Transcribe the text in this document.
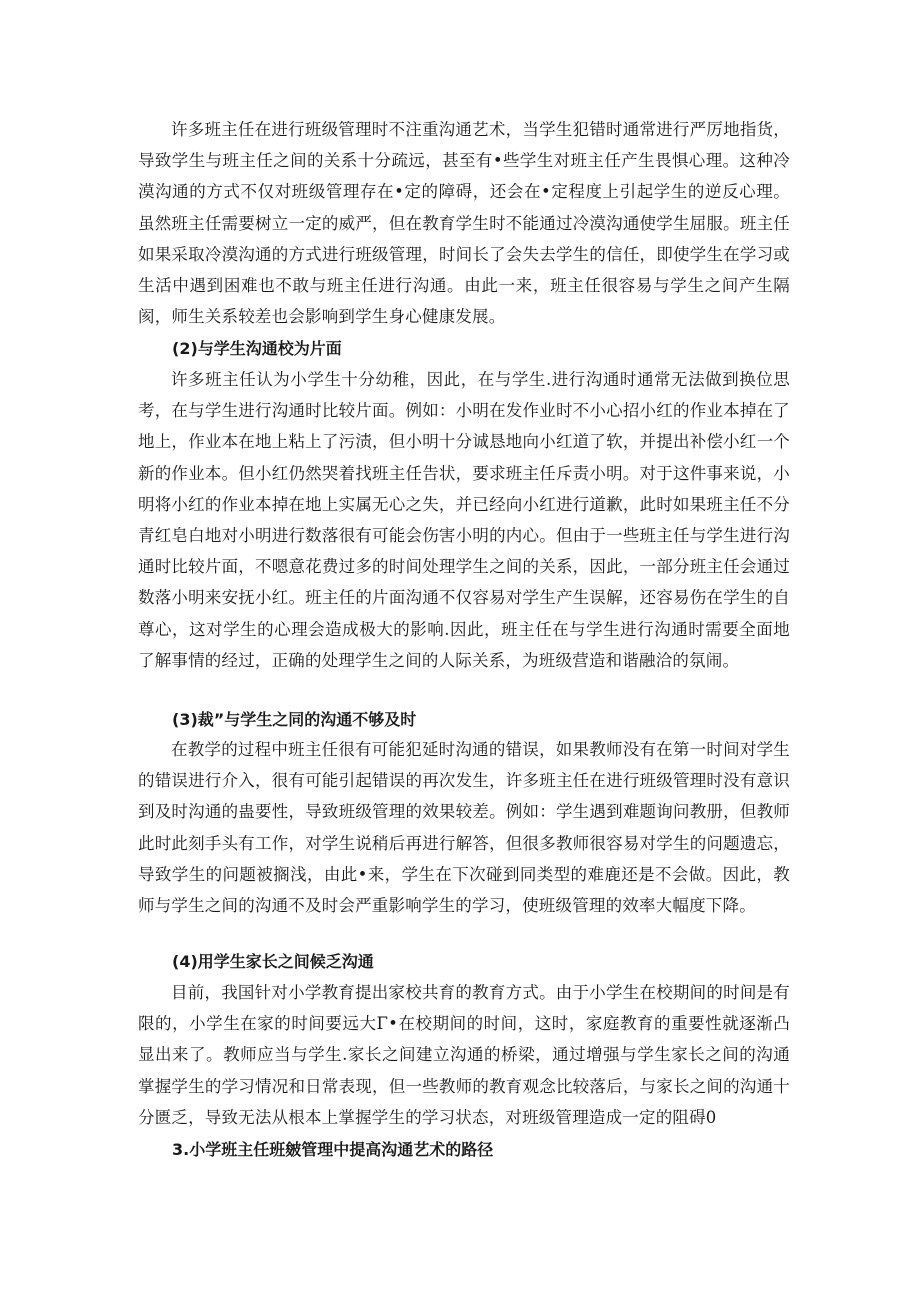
许多班主任在进行班级管理时不注重沟通艺术，当学生犯错时通常进行严厉地指货，导致学生与班主任之间的关系十分疏远，甚至有•些学生对班主任产生畏惧心理。这种冷漠沟通的方式不仅对班级管理存在•定的障碍，还会在•定程度上引起学生的逆反心理。虽然班主任需要树立一定的威严，但在教育学生时不能通过冷漠沟通使学生屈服。班主任如果采取冷漠沟通的方式进行班级管理，时间长了会失去学生的信任，即使学生在学习或生活中遇到困难也不敢与班主任进行沟通。由此一来，班主任很容易与学生之间产生隔阂，师生关系较差也会影响到学生身心健康发展。

(2)与学生沟通校为片面

许多班主任认为小学生十分幼稚，因此，在与学生.进行沟通时通常无法做到换位思考，在与学生进行沟通时比较片面。例如：小明在发作业时不小心招小红的作业本掉在了地上，作业本在地上粘上了污渍，但小明十分诚恳地向小红道了软，并提出补偿小红一个新的作业本。但小红仍然哭着找班主任告状，要求班主任斥责小明。对于这件事来说，小明将小红的作业本掉在地上实属无心之失，并已经向小红进行道歉，此时如果班主任不分青红皂白地对小明进行数落很有可能会伤害小明的内心。但由于一些班主任与学生进行沟通时比较片面，不嗯意花费过多的时间处理学生之间的关系，因此，一部分班主任会通过数落小明来安抚小红。班主任的片面沟通不仅容易对学生产生误解，还容易伤在学生的自尊心，这对学生的心理会造成极大的影响.因此，班主任在与学生进行沟通时需要全面地了解事情的经过，正确的处理学生之间的人际关系，为班级营造和谐融洽的氛闹。

(3)裁”与学生之同的沟通不够及时

在教学的过程中班主任很有可能犯延时沟通的错误，如果教师没有在第一时间对学生的错误进行介入，很有可能引起错误的再次发生，许多班主任在进行班级管理时没有意识到及时沟通的蛊要性，导致班级管理的效果较差。例如：学生遇到难题询问教册，但教师此时此刻手头有工作，对学生说稍后再进行解答，但很多教师很容易对学生的问题遗忘，导致学生的问题被搁浅，由此•来，学生在下次碰到同类型的难鹿还是不会做。因此，教师与学生之间的沟通不及时会严重影响学生的学习，使班级管理的效率大幅度下降。

(4)用学生家长之间候乏沟通

目前，我国针对小学教育提出家校共育的教育方式。由于小学生在校期间的时间是有限的，小学生在家的时间要远大Γ•在校期间的时间，这时，家庭教育的重要性就逐渐凸显出来了。教师应当与学生.家长之间建立沟通的桥梁，通过增强与学生家长之间的沟通掌握学生的学习情况和日常表现，但一些教师的教育观念比较落后，与家长之间的沟通十分匮乏，导致无法从根本上掌握学生的学习状态，对班级管理造成一定的阻碍0

3.小学班主任班皴管理中提高沟通艺术的路径
